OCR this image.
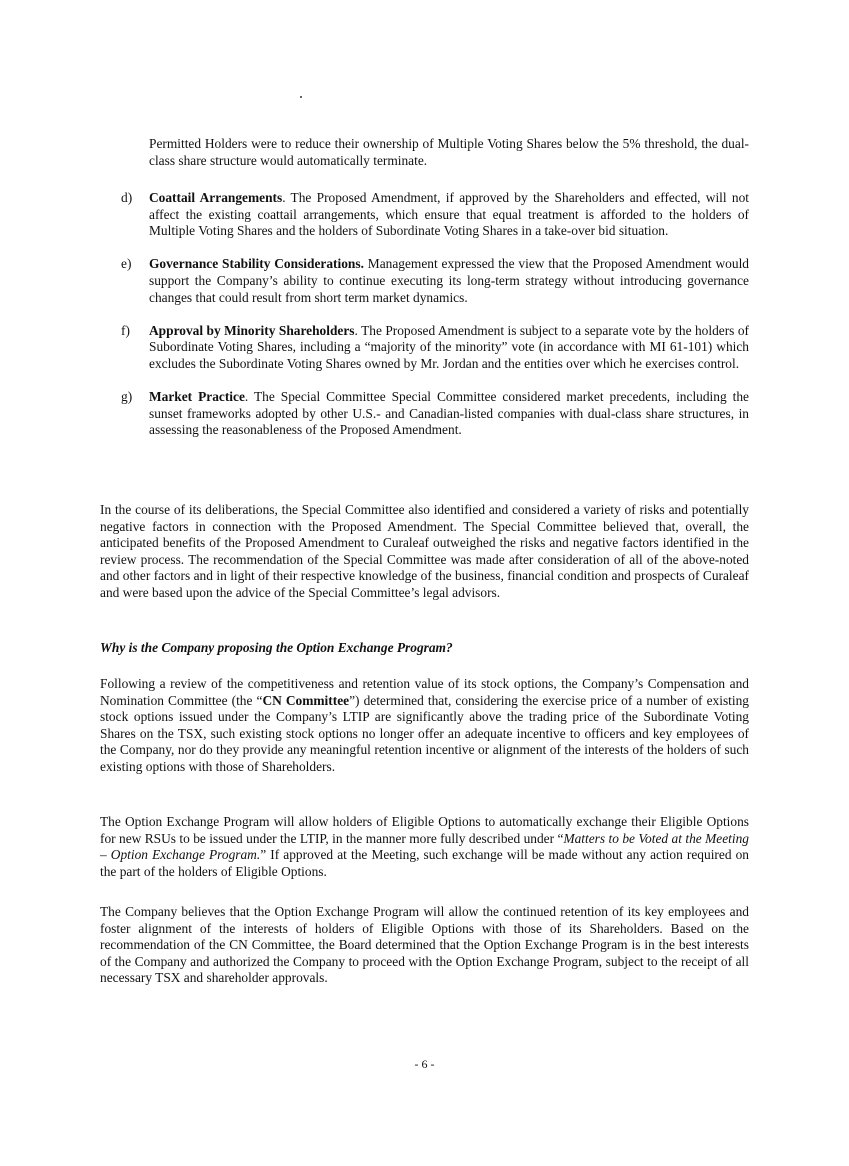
Permitted Holders were to reduce their ownership of Multiple Voting Shares below the 5% threshold, the dual-class share structure would automatically terminate.

d) Coattail Arrangements. The Proposed Amendment, if approved by the Shareholders and effected, will not affect the existing coattail arrangements, which ensure that equal treatment is afforded to the holders of Multiple Voting Shares and the holders of Subordinate Voting Shares in a take-over bid situation.
e) Governance Stability Considerations. Management expressed the view that the Proposed Amendment would support the Company’s ability to continue executing its long-term strategy without introducing governance changes that could result from short term market dynamics.
f) Approval by Minority Shareholders. The Proposed Amendment is subject to a separate vote by the holders of Subordinate Voting Shares, including a “majority of the minority” vote (in accordance with MI 61-101) which excludes the Subordinate Voting Shares owned by Mr. Jordan and the entities over which he exercises control.
g) Market Practice. The Special Committee Special Committee considered market precedents, including the sunset frameworks adopted by other U.S.- and Canadian-listed companies with dual-class share structures, in assessing the reasonableness of the Proposed Amendment.

In the course of its deliberations, the Special Committee also identified and considered a variety of risks and potentially negative factors in connection with the Proposed Amendment. The Special Committee believed that, overall, the anticipated benefits of the Proposed Amendment to Curaleaf outweighed the risks and negative factors identified in the review process. The recommendation of the Special Committee was made after consideration of all of the above-noted and other factors and in light of their respective knowledge of the business, financial condition and prospects of Curaleaf and were based upon the advice of the Special Committee’s legal advisors.

Why is the Company proposing the Option Exchange Program?

Following a review of the competitiveness and retention value of its stock options, the Company’s Compensation and Nomination Committee (the “CN Committee”) determined that, considering the exercise price of a number of existing stock options issued under the Company’s LTIP are significantly above the trading price of the Subordinate Voting Shares on the TSX, such existing stock options no longer offer an adequate incentive to officers and key employees of the Company, nor do they provide any meaningful retention incentive or alignment of the interests of the holders of such existing options with those of Shareholders.

The Option Exchange Program will allow holders of Eligible Options to automatically exchange their Eligible Options for new RSUs to be issued under the LTIP, in the manner more fully described under “Matters to be Voted at the Meeting – Option Exchange Program.” If approved at the Meeting, such exchange will be made without any action required on the part of the holders of Eligible Options.

The Company believes that the Option Exchange Program will allow the continued retention of its key employees and foster alignment of the interests of holders of Eligible Options with those of its Shareholders. Based on the recommendation of the CN Committee, the Board determined that the Option Exchange Program is in the best interests of the Company and authorized the Company to proceed with the Option Exchange Program, subject to the receipt of all necessary TSX and shareholder approvals.

- 6 -
